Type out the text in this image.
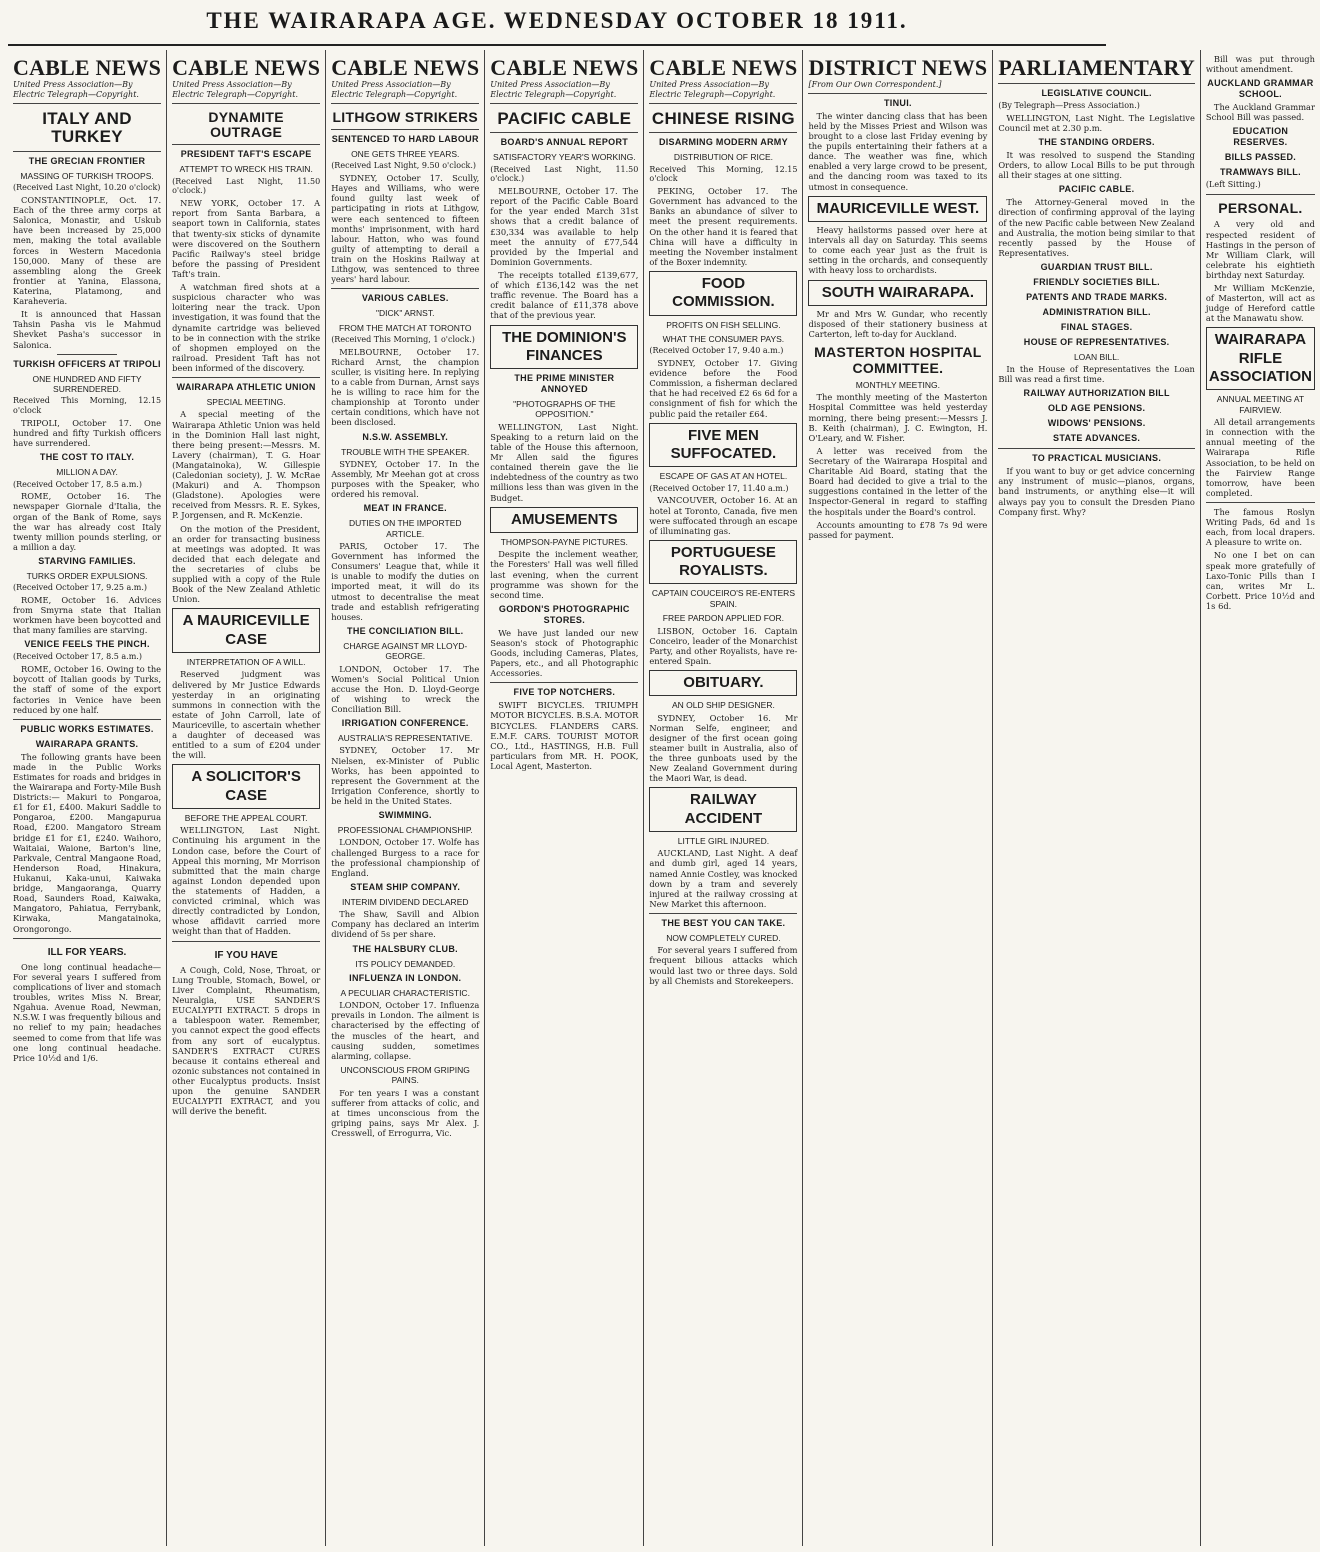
THE WAIRARAPA AGE. WEDNESDAY OCTOBER 18 1911.
CABLE NEWS
United Press Association—By Electric Telegraph—Copyright.
ITALY AND TURKEY
THE GRECIAN FRONTIER
MASSING OF TURKISH TROOPS.
(Received Last Night, 10.20 o'clock)

CONSTANTINOPLE, Oct. 17. Each of the three army corps at Salonica, Monastir, and Uskub have been increased by 25,000 men, making the total available forces in Western Macedonia 150,000. Many of these are assembling along the Greek frontier at Yanina, Elassona, Katerina, Platamong, and Karaheveria.

It is announced that Hassan Tahsin Pasha vis le Mahmud Shevket Pasha's successor in Salonica.

TURKISH OFFICERS AT TRIPOLI
ONE HUNDRED AND FIFTY SURRENDERED.
Received This Morning, 12.15 o'clock

TRIPOLI, October 17. One hundred and fifty Turkish officers have surrendered.

THE COST TO ITALY.
MILLION A DAY.
(Received October 17, 8.5 a.m.)

ROME, October 16. The newspaper Giornale d'Italia, the organ of the Bank of Rome, says the war has already cost Italy twenty million pounds sterling, or a million a day.

STARVING FAMILIES.
TURKS ORDER EXPULSIONS.
(Received October 17, 9.25 a.m.)

ROME, October 16. Advices from Smyrna state that Italian workmen have been boycotted and that many families are starving.

VENICE FEELS THE PINCH.
(Received October 17, 8.5 a.m.)

ROME, October 16. Owing to the boycott of Italian goods by Turks, the staff of some of the export factories in Venice have been reduced by one half.

PUBLIC WORKS ESTIMATES.
WAIRARAPA GRANTS.

The following grants have been made in the Public Works Estimates for roads and bridges in the Wairarapa and Forty-Mile Bush Districts:— Makuri to Pongaroa, £1 for £1, £400. Makuri Saddle to Pongaroa, £200. Mangapurua Road, £200. Mangatoro Stream bridge £1 for £1, £240. Waihoro, Waitaiai, Waione, Barton's line, Parkvale, Central Mangaone Road, Henderson Road, Hinakura, Hukanui, Kaka-unui, Kaiwaka bridge, Mangaoranga, Quarry Road, Saunders Road, Kaiwaka, Mangatoro, Pahiatua, Ferrybank, Kirwaka, Mangatainoka, Orongorongo.

ILL FOR YEARS.

One long continual headache—For several years I suffered from complications of liver and stomach troubles, writes Miss N. Brear, Ngahua. Avenue Road, Newman, N.S.W. I was frequently bilious and no relief to my pain; headaches seemed to come from that life was one long continual headache. Price 10½d and 1/6.

CABLE NEWS
United Press Association—By Electric Telegraph—Copyright.
DYNAMITE OUTRAGE
PRESIDENT TAFT'S ESCAPE
ATTEMPT TO WRECK HIS TRAIN.
(Received Last Night, 11.50 o'clock.)

NEW YORK, October 17. A report from Santa Barbara, a seaport town in California, states that twenty-six sticks of dynamite were discovered on the Southern Pacific Railway's steel bridge before the passing of President Taft's train.

A watchman fired shots at a suspicious character who was loitering near the track. Upon investigation, it was found that the dynamite cartridge was believed to be in connection with the strike of shopmen employed on the railroad. President Taft has not been informed of the discovery.

WAIRARAPA ATHLETIC UNION
SPECIAL MEETING.

A special meeting of the Wairarapa Athletic Union was held in the Dominion Hall last night, there being present:—Messrs. M. Lavery (chairman), T. G. Hoar (Mangatainoka), W. Gillespie (Caledonian society), J. W. McRae (Makuri) and A. Thompson (Gladstone). Apologies were received from Messrs. R. E. Sykes, P. Jorgensen, and R. McKenzie.

On the motion of the President, an order for transacting business at meetings was adopted. It was decided that each delegate and the secretaries of clubs be supplied with a copy of the Rule Book of the New Zealand Athletic Union.

A MAURICEVILLE CASE
INTERPRETATION OF A WILL.

Reserved judgment was delivered by Mr Justice Edwards yesterday in an originating summons in connection with the estate of John Carroll, late of Mauriceville, to ascertain whether a daughter of deceased was entitled to a sum of £204 under the will.

A SOLICITOR'S CASE
BEFORE THE APPEAL COURT.

WELLINGTON, Last Night. Continuing his argument in the London case, before the Court of Appeal this morning, Mr Morrison submitted that the main charge against London depended upon the statements of Hadden, a convicted criminal, which was directly contradicted by London, whose affidavit carried more weight than that of Hadden.

IF YOU HAVE

A Cough, Cold, Nose, Throat, or Lung Trouble, Stomach, Bowel, or Liver Complaint, Rheumatism, Neuralgia, USE SANDER'S EUCALYPTI EXTRACT. 5 drops in a tablespoon water. Remember, you cannot expect the good effects from any sort of eucalyptus. SANDER'S EXTRACT CURES because it contains ethereal and ozonic substances not contained in other Eucalyptus products. Insist upon the genuine SANDER EUCALYPTI EXTRACT, and you will derive the benefit.

CABLE NEWS
United Press Association—By Electric Telegraph—Copyright.
LITHGOW STRIKERS
SENTENCED TO HARD LABOUR
ONE GETS THREE YEARS.
(Received Last Night, 9.50 o'clock.)

SYDNEY, October 17. Scully, Hayes and Williams, who were found guilty last week of participating in riots at Lithgow, were each sentenced to fifteen months' imprisonment, with hard labour. Hatton, who was found guilty of attempting to derail a train on the Hoskins Railway at Lithgow, was sentenced to three years' hard labour.

VARIOUS CABLES.
"DICK" ARNST.
FROM THE MATCH AT TORONTO
(Received This Morning, 1 o'clock.)

MELBOURNE, October 17. Richard Arnst, the champion sculler, is visiting here. In replying to a cable from Durnan, Arnst says he is willing to race him for the championship at Toronto under certain conditions, which have not been disclosed.

N.S.W. ASSEMBLY.
TROUBLE WITH THE SPEAKER.

SYDNEY, October 17. In the Assembly, Mr Meehan got at cross purposes with the Speaker, who ordered his removal.

MEAT IN FRANCE.
DUTIES ON THE IMPORTED ARTICLE.

PARIS, October 17. The Government has informed the Consumers' League that, while it is unable to modify the duties on imported meat, it will do its utmost to decentralise the meat trade and establish refrigerating houses.

THE CONCILIATION BILL.
CHARGE AGAINST MR LLOYD-GEORGE.

LONDON, October 17. The Women's Social Political Union accuse the Hon. D. Lloyd-George of wishing to wreck the Conciliation Bill.

IRRIGATION CONFERENCE.
AUSTRALIA'S REPRESENTATIVE.

SYDNEY, October 17. Mr Nielsen, ex-Minister of Public Works, has been appointed to represent the Government at the Irrigation Conference, shortly to be held in the United States.

SWIMMING.
PROFESSIONAL CHAMPIONSHIP.

LONDON, October 17. Wolfe has challenged Burgess to a race for the professional championship of England.

STEAM SHIP COMPANY.
INTERIM DIVIDEND DECLARED

The Shaw, Savill and Albion Company has declared an interim dividend of 5s per share.

THE HALSBURY CLUB.
ITS POLICY DEMANDED.
INFLUENZA IN LONDON.
A PECULIAR CHARACTERISTIC.

LONDON, October 17. Influenza prevails in London. The ailment is characterised by the effecting of the muscles of the heart, and causing sudden, sometimes alarming, collapse.

UNCONSCIOUS FROM GRIPING PAINS.

For ten years I was a constant sufferer from attacks of colic, and at times unconscious from the griping pains, says Mr Alex. J. Cresswell, of Errogurra, Vic.

CABLE NEWS
United Press Association—By Electric Telegraph—Copyright.
PACIFIC CABLE
BOARD'S ANNUAL REPORT
SATISFACTORY YEAR'S WORKING.
(Received Last Night, 11.50 o'clock.)

MELBOURNE, October 17. The report of the Pacific Cable Board for the year ended March 31st shows that a credit balance of £30,334 was available to help meet the annuity of £77,544 provided by the Imperial and Dominion Governments.

The receipts totalled £139,677, of which £136,142 was the net traffic revenue. The Board has a credit balance of £11,378 above that of the previous year.

THE DOMINION'S FINANCES
THE PRIME MINISTER ANNOYED
"PHOTOGRAPHS OF THE OPPOSITION."

WELLINGTON, Last Night. Speaking to a return laid on the table of the House this afternoon, Mr Allen said the figures contained therein gave the lie indebtedness of the country as two millions less than was given in the Budget.

AMUSEMENTS
THOMPSON-PAYNE PICTURES.

Despite the inclement weather, the Foresters' Hall was well filled last evening, when the current programme was shown for the second time.

GORDON'S PHOTOGRAPHIC STORES.

We have just landed our new Season's stock of Photographic Goods, including Cameras, Plates, Papers, etc., and all Photographic Accessories.

FIVE TOP NOTCHERS.

SWIFT BICYCLES. TRIUMPH MOTOR BICYCLES. B.S.A. MOTOR BICYCLES. FLANDERS CARS. E.M.F. CARS. TOURIST MOTOR CO., Ltd., HASTINGS, H.B. Full particulars from MR. H. POOK, Local Agent, Masterton.

CABLE NEWS
United Press Association—By Electric Telegraph—Copyright.
CHINESE RISING
DISARMING MODERN ARMY
DISTRIBUTION OF RICE.
Received This Morning, 12.15 o'clock

PEKING, October 17. The Government has advanced to the Banks an abundance of silver to meet the present requirements. On the other hand it is feared that China will have a difficulty in meeting the November instalment of the Boxer indemnity.

FOOD COMMISSION.
PROFITS ON FISH SELLING.
WHAT THE CONSUMER PAYS.
(Received October 17, 9.40 a.m.)

SYDNEY, October 17. Giving evidence before the Food Commission, a fisherman declared that he had received £2 6s 6d for a consignment of fish for which the public paid the retailer £64.

FIVE MEN SUFFOCATED.
ESCAPE OF GAS AT AN HOTEL.
(Received October 17, 11.40 a.m.)

VANCOUVER, October 16. At an hotel at Toronto, Canada, five men were suffocated through an escape of illuminating gas.

PORTUGUESE ROYALISTS.
CAPTAIN COUCEIRO'S RE-ENTERS SPAIN.
FREE PARDON APPLIED FOR.

LISBON, October 16. Captain Conceiro, leader of the Monarchist Party, and other Royalists, have re-entered Spain.

OBITUARY.
AN OLD SHIP DESIGNER.

SYDNEY, October 16. Mr Norman Selfe, engineer, and designer of the first ocean going steamer built in Australia, also of the three gunboats used by the New Zealand Government during the Maori War, is dead.

RAILWAY ACCIDENT
LITTLE GIRL INJURED.

AUCKLAND, Last Night. A deaf and dumb girl, aged 14 years, named Annie Costley, was knocked down by a tram and severely injured at the railway crossing at New Market this afternoon.

THE BEST YOU CAN TAKE.
NOW COMPLETELY CURED.

For several years I suffered from frequent bilious attacks which would last two or three days. Sold by all Chemists and Storekeepers.

DISTRICT NEWS
[From Our Own Correspondent.]
TINUI.

The winter dancing class that has been held by the Misses Priest and Wilson was brought to a close last Friday evening by the pupils entertaining their fathers at a dance. The weather was fine, which enabled a very large crowd to be present, and the dancing room was taxed to its utmost in consequence.

MAURICEVILLE WEST.

Heavy hailstorms passed over here at intervals all day on Saturday. This seems to come each year just as the fruit is setting in the orchards, and consequently with heavy loss to orchardists.

SOUTH WAIRARAPA.

Mr and Mrs W. Gundar, who recently disposed of their stationery business at Carterton, left to-day for Auckland.

MASTERTON HOSPITAL COMMITTEE.
MONTHLY MEETING.

The monthly meeting of the Masterton Hospital Committee was held yesterday morning, there being present:—Messrs J. B. Keith (chairman), J. C. Ewington, H. O'Leary, and W. Fisher.

A letter was received from the Secretary of the Wairarapa Hospital and Charitable Aid Board, stating that the Board had decided to give a trial to the suggestions contained in the letter of the Inspector-General in regard to staffing the hospitals under the Board's control.

Accounts amounting to £78 7s 9d were passed for payment.

PARLIAMENTARY
LEGISLATIVE COUNCIL.
(By Telegraph—Press Association.)

WELLINGTON, Last Night. The Legislative Council met at 2.30 p.m.

THE STANDING ORDERS.

It was resolved to suspend the Standing Orders, to allow Local Bills to be put through all their stages at one sitting.

PACIFIC CABLE.

The Attorney-General moved in the direction of confirming approval of the laying of the new Pacific cable between New Zealand and Australia, the motion being similar to that recently passed by the House of Representatives.

GUARDIAN TRUST BILL.
FRIENDLY SOCIETIES BILL.
PATENTS AND TRADE MARKS.
ADMINISTRATION BILL.
FINAL STAGES.
HOUSE OF REPRESENTATIVES.
LOAN BILL.

In the House of Representatives the Loan Bill was read a first time.

RAILWAY AUTHORIZATION BILL
OLD AGE PENSIONS.
WIDOWS' PENSIONS.
STATE ADVANCES.
TO PRACTICAL MUSICIANS.

If you want to buy or get advice concerning any instrument of music—pianos, organs, band instruments, or anything else—it will always pay you to consult the Dresden Piano Company first. Why?

Bill was put through without amendment.

AUCKLAND GRAMMAR SCHOOL.

The Auckland Grammar School Bill was passed.

EDUCATION RESERVES.
BILLS PASSED.
TRAMWAYS BILL.
(Left Sitting.)
PERSONAL.

A very old and respected resident of Hastings in the person of Mr William Clark, will celebrate his eightieth birthday next Saturday.

Mr William McKenzie, of Masterton, will act as judge of Hereford cattle at the Manawatu show.

WAIRARAPA RIFLE ASSOCIATION
ANNUAL MEETING AT FAIRVIEW.

All detail arrangements in connection with the annual meeting of the Wairarapa Rifle Association, to be held on the Fairview Range tomorrow, have been completed.

The famous Roslyn Writing Pads, 6d and 1s each, from local drapers. A pleasure to write on.

No one I bet on can speak more gratefully of Laxo-Tonic Pills than I can, writes Mr L. Corbett. Price 10½d and 1s 6d.
